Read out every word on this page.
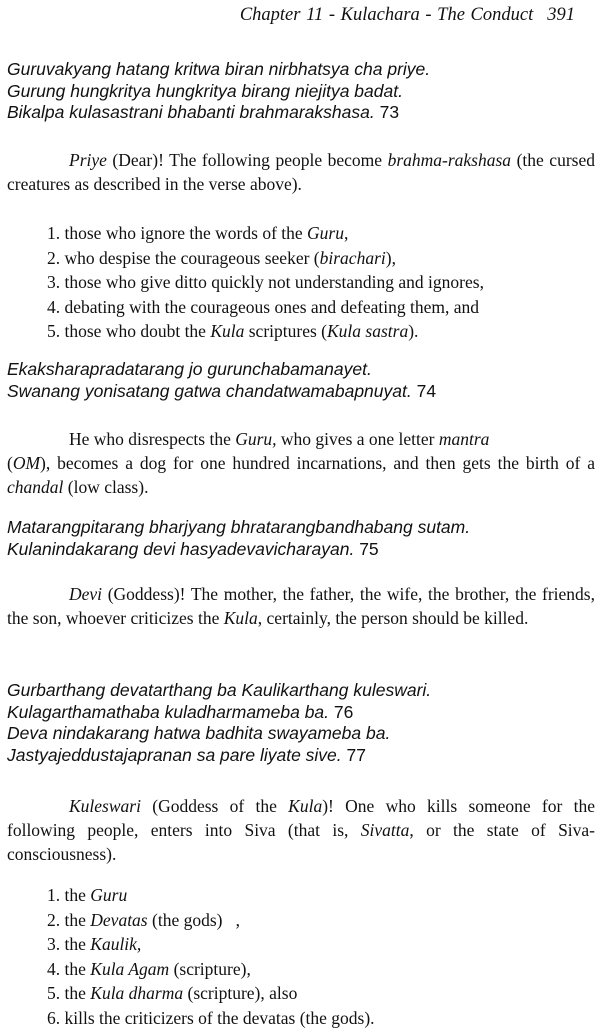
Chapter 11 - Kulachara - The Conduct 391
Guruvakyang hatang kritwa biran nirbhatsya cha priye.
Gurung hungkritya hungkritya birang niejitya badat.
Bikalpa kulasastrani bhabanti brahmarakshasa. 73
Priye (Dear)! The following people become brahma-rakshasa (the cursed creatures as described in the verse above).
1. those who ignore the words of the Guru,
2. who despise the courageous seeker (birachari),
3. those who give ditto quickly not understanding and ignores,
4. debating with the courageous ones and defeating them, and
5. those who doubt the Kula scriptures (Kula sastra).
Ekaksharapradatarang jo gurunchabamanayet.
Swanang yonisatang gatwa chandatwamabapnuyat. 74
He who disrespects the Guru, who gives a one letter mantra
(OM), becomes a dog for one hundred incarnations, and then gets the birth of a chandal (low class).
Matarangpitarang bharjyang bhratarangbandhabang sutam.
Kulanindakarang devi hasyadevavicharayan. 75
Devi (Goddess)! The mother, the father, the wife, the brother, the friends, the son, whoever criticizes the Kula, certainly, the person should be killed.
Gurbarthang devatarthang ba Kaulikarthang kuleswari.
Kulagarthamathaba kuladharmameba ba. 76
Deva nindakarang hatwa badhita swayameba ba.
Jastyajeddustajapranan sa pare liyate sive. 77
Kuleswari (Goddess of the Kula)! One who kills someone for the following people, enters into Siva (that is, Sivatta, or the state of Siva-consciousness).
1. the Guru
2. the Devatas (the gods)   ,
3. the Kaulik,
4. the Kula Agam (scripture),
5. the Kula dharma (scripture), also
6. kills the criticizers of the devatas (the gods).
